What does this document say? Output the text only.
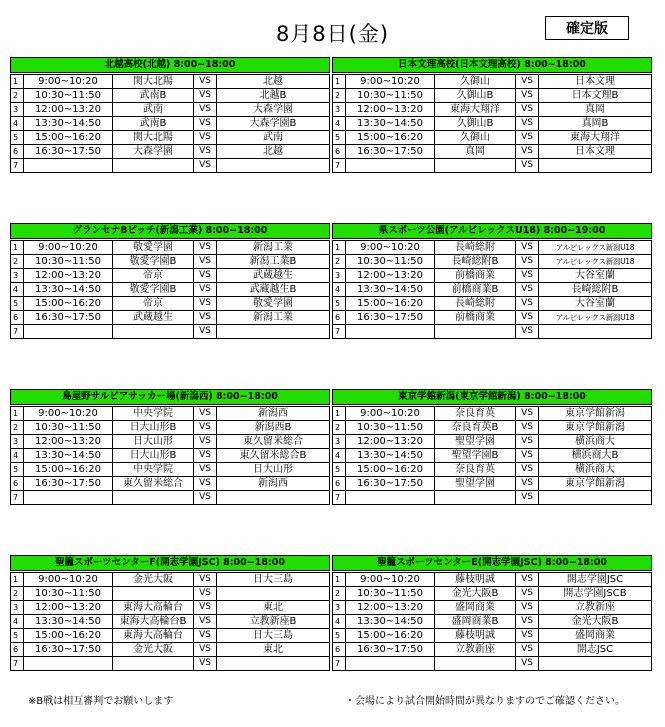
8月8日(金)	確定版
北越高校(北越) 8:00~18:00
1	9:00~10:20	関大北陽	VS	北越
2	10:30~11:50	武南B	VS	北越B
3	12:00~13:20	武南	VS	大森学園
4	13:30~14:50	武南B	VS	大森学園B
5	15:00~16:20	関大北陽	VS	武南
6	16:30~17:50	大森学園	VS	北越
7			VS	
日本文理高校(日本文理高校) 8:00~18:00
1	9:00~10:20	久御山	VS	日本文理
2	10:30~11:50	久御山B	VS	日本文理B
3	12:00~13:20	東海大翔洋	VS	真岡
4	13:30~14:50	久御山B	VS	真岡B
5	15:00~16:20	久御山	VS	東海大翔洋
6	16:30~17:50	真岡	VS	日本文理
7			VS	
グランセナBピッチ(新潟工業) 8:00~18:00
1	9:00~10:20	敬愛学園	VS	新潟工業
2	10:30~11:50	敬愛学園B	VS	新潟工業B
3	12:00~13:20	帝京	VS	武蔵越生
4	13:30~14:50	敬愛学園B	VS	武蔵越生B
5	15:00~16:20	帝京	VS	敬愛学園
6	16:30~17:50	武蔵越生	VS	新潟工業
7			VS	
県スポーツ公園(アルビレックスU18) 8:00~19:00
1	9:00~10:20	長崎総附	VS	アルビレックス新潟U18
2	10:30~11:50	長崎総附B	VS	アルビレックス新潟U18
3	12:00~13:20	前橋商業	VS	大谷室蘭
4	13:30~14:50	前橋商業B	VS	長崎総附B
5	15:00~16:20	長崎総附	VS	大谷室蘭
6	16:30~17:50	前橋商業	VS	アルビレックス新潟U18
7			VS	
鳥屋野サルビアサッカー場(新潟西) 8:00~18:00
1	9:00~10:20	中央学院	VS	新潟西
2	10:30~11:50	日大山形B	VS	新潟西B
3	12:00~13:20	日大山形	VS	東久留米総合
4	13:30~14:50	日大山形B	VS	東久留米総合B
5	15:00~16:20	中央学院	VS	日大山形
6	16:30~17:50	東久留米総合	VS	新潟西
7			VS	
東京学館新潟(東京学館新潟) 8:00~18:00
1	9:00~10:20	奈良育英	VS	東京学館新潟
2	10:30~11:50	奈良育英B	VS	東京学館新潟
3	12:00~13:20	聖望学園	VS	横浜商大
4	13:30~14:50	聖望学園B	VS	横浜商大B
5	15:00~16:20	奈良育英	VS	横浜商大
6	16:30~17:50	聖望学園	VS	東京学館新潟
7			VS	
聖籠スポーツセンターF(開志学園JSC) 8:00~18:00
1	9:00~10:20	金光大阪	VS	日大三島
2	10:30~11:50		VS	
3	12:00~13:20	東海大高輪台	VS	東北
4	13:30~14:50	東海大高輪台B	VS	立教新座B
5	15:00~16:20	東海大高輪台	VS	日大三島
6	16:30~17:50	金光大阪	VS	東北
7			VS	
聖籠スポーツセンターE(開志学園JSC) 8:00~18:00
1	9:00~10:20	藤枝明誠	VS	開志学園JSC
2	10:30~11:50	金光大阪B	VS	開志学園JSCB
3	12:00~13:20	盛岡商業	VS	立教新座
4	13:30~14:50	盛岡商業B	VS	金光大阪B
5	15:00~16:20	藤枝明誠	VS	盛岡商業
6	16:30~17:50	立教新座	VS	開志JSC
7			VS	
※B戦は相互審判でお願いします	・会場により試合開始時間が異なりますのでご確認ください。
